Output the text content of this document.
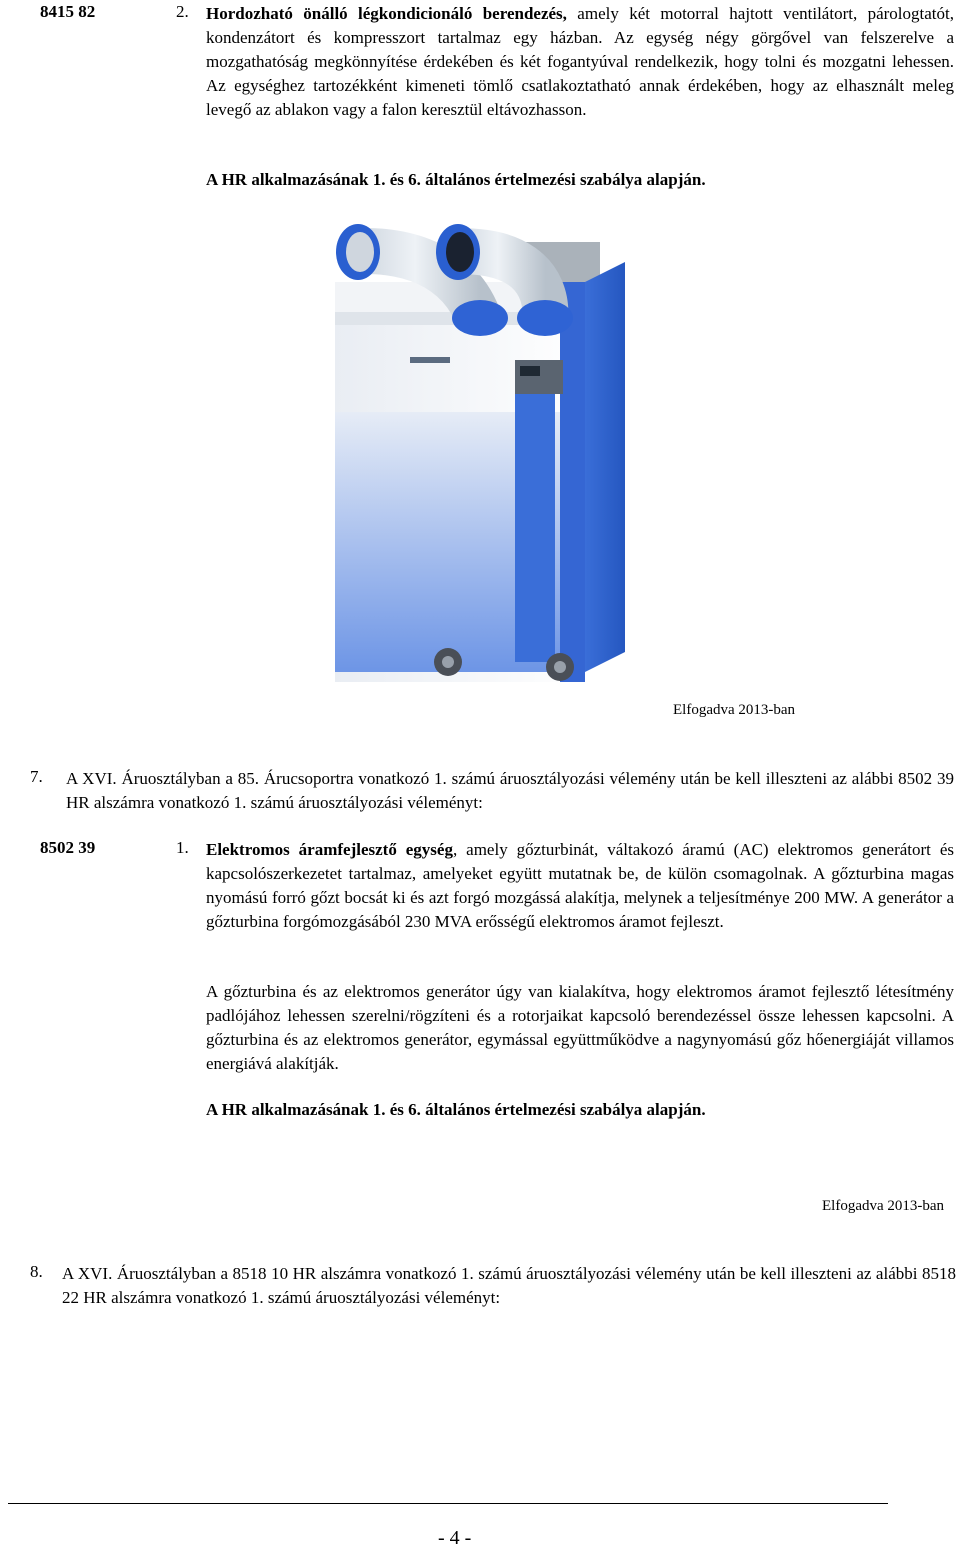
8415 82	2. Hordozható önálló légkondicionáló berendezés, amely két motorral hajtott ventilátort, párologtatót, kondenzátort és kompresszort tartalmaz egy házban. Az egység négy görgővel van felszerelve a mozgathatóság megkönnyítése érdekében és két fogantyúval rendelkezik, hogy tolni és mozgatni lehessen. Az egységhez tartozékként kimeneti tömlő csatlakoztatható annak érdekében, hogy az elhasznált meleg levegő az ablakon vagy a falon keresztül eltávozhasson.
A HR alkalmazásának 1. és 6. általános értelmezési szabálya alapján.
Elfogadva 2013-ban
7. A XVI. Áruosztályban a 85. Árucsoportra vonatkozó 1. számú áruosztályozási vélemény után be kell illeszteni az alábbi 8502 39 HR alszámra vonatkozó 1. számú áruosztályozási véleményt:
8502 39	1. Elektromos áramfejlesztő egység, amely gőzturbinát, váltakozó áramú (AC) elektromos generátort és kapcsolószerkezetet tartalmaz, amelyeket együtt mutatnak be, de külön csomagolnak. A gőzturbina magas nyomású forró gőzt bocsát ki és azt forgó mozgássá alakítja, melynek a teljesítménye 200 MW. A generátor a gőzturbina forgómozgásából 230 MVA erősségű elektromos áramot fejleszt.
A gőzturbina és az elektromos generátor úgy van kialakítva, hogy elektromos áramot fejlesztő létesítmény padlójához lehessen szerelni/rögzíteni és a rotorjaikat kapcsoló berendezéssel össze lehessen kapcsolni. A gőzturbina és az elektromos generátor, egymással együttműködve a nagynyomású gőz hőenergiáját villamos energiává alakítják.
A HR alkalmazásának 1. és 6. általános értelmezési szabálya alapján.
Elfogadva 2013-ban
8. A XVI. Áruosztályban a 8518 10 HR alszámra vonatkozó 1. számú áruosztályozási vélemény után be kell illeszteni az alábbi 8518 22 HR alszámra vonatkozó 1. számú áruosztályozási véleményt:
- 4 -
